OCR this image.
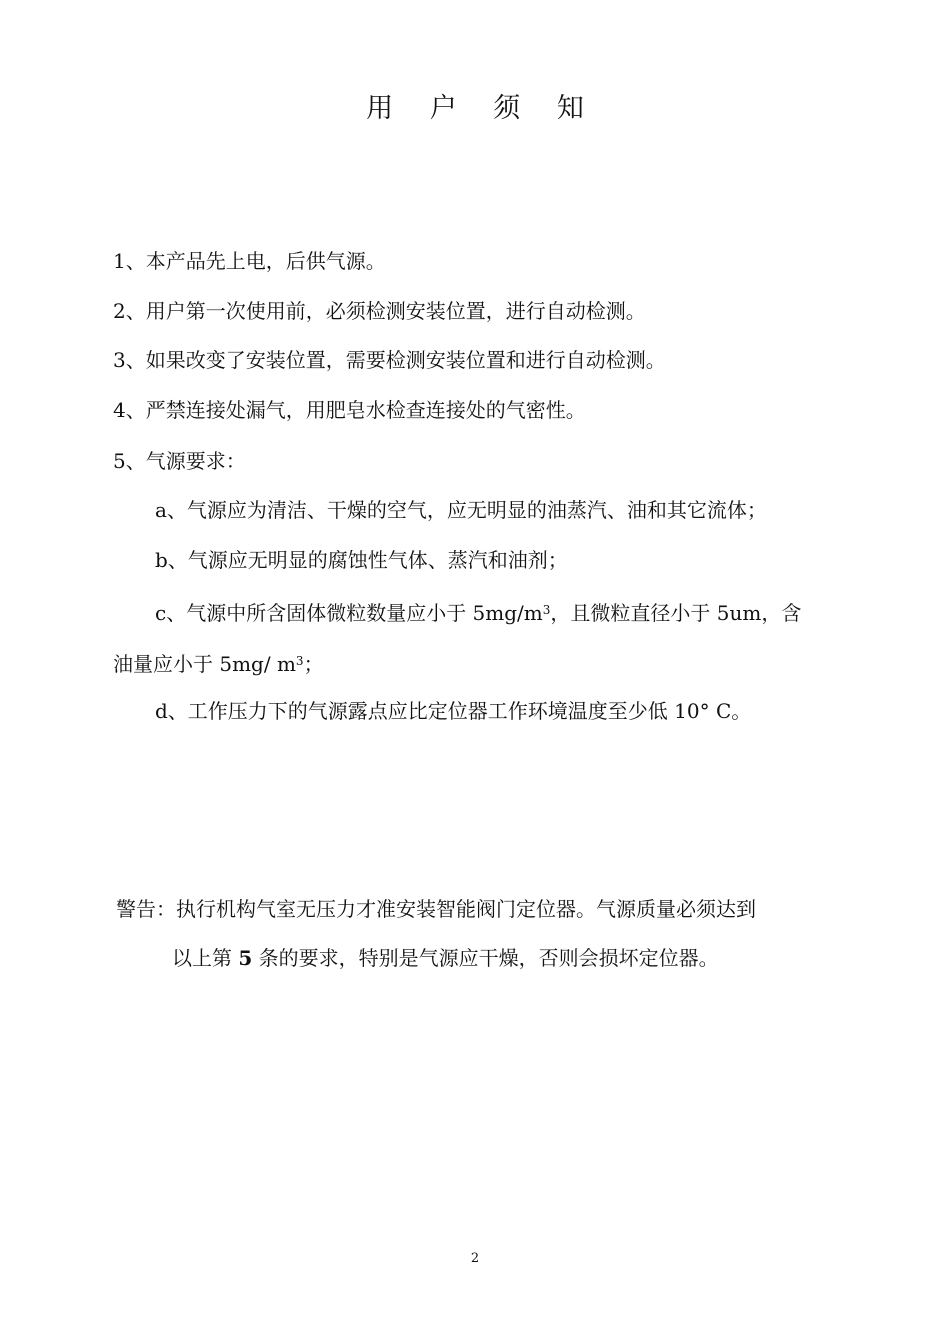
用 户 须 知
1、本产品先上电，后供气源。
2、用户第一次使用前，必须检测安装位置，进行自动检测。
3、如果改变了安装位置，需要检测安装位置和进行自动检测。
4、严禁连接处漏气，用肥皂水检查连接处的气密性。
5、气源要求：
a、气源应为清洁、干燥的空气，应无明显的油蒸汽、油和其它流体；
b、气源应无明显的腐蚀性气体、蒸汽和油剂；
c、气源中所含固体微粒数量应小于 $5mg/m^3$，且微粒直径小于 5um，含
油量应小于 5mg/ $m^3$；
d、工作压力下的气源露点应比定位器工作环境温度至少低 10° C。
警告：执行机构气室无压力才准安装智能阀门定位器。气源质量必须达到
以上第 5 条的要求，特别是气源应干燥，否则会损坏定位器。
2
